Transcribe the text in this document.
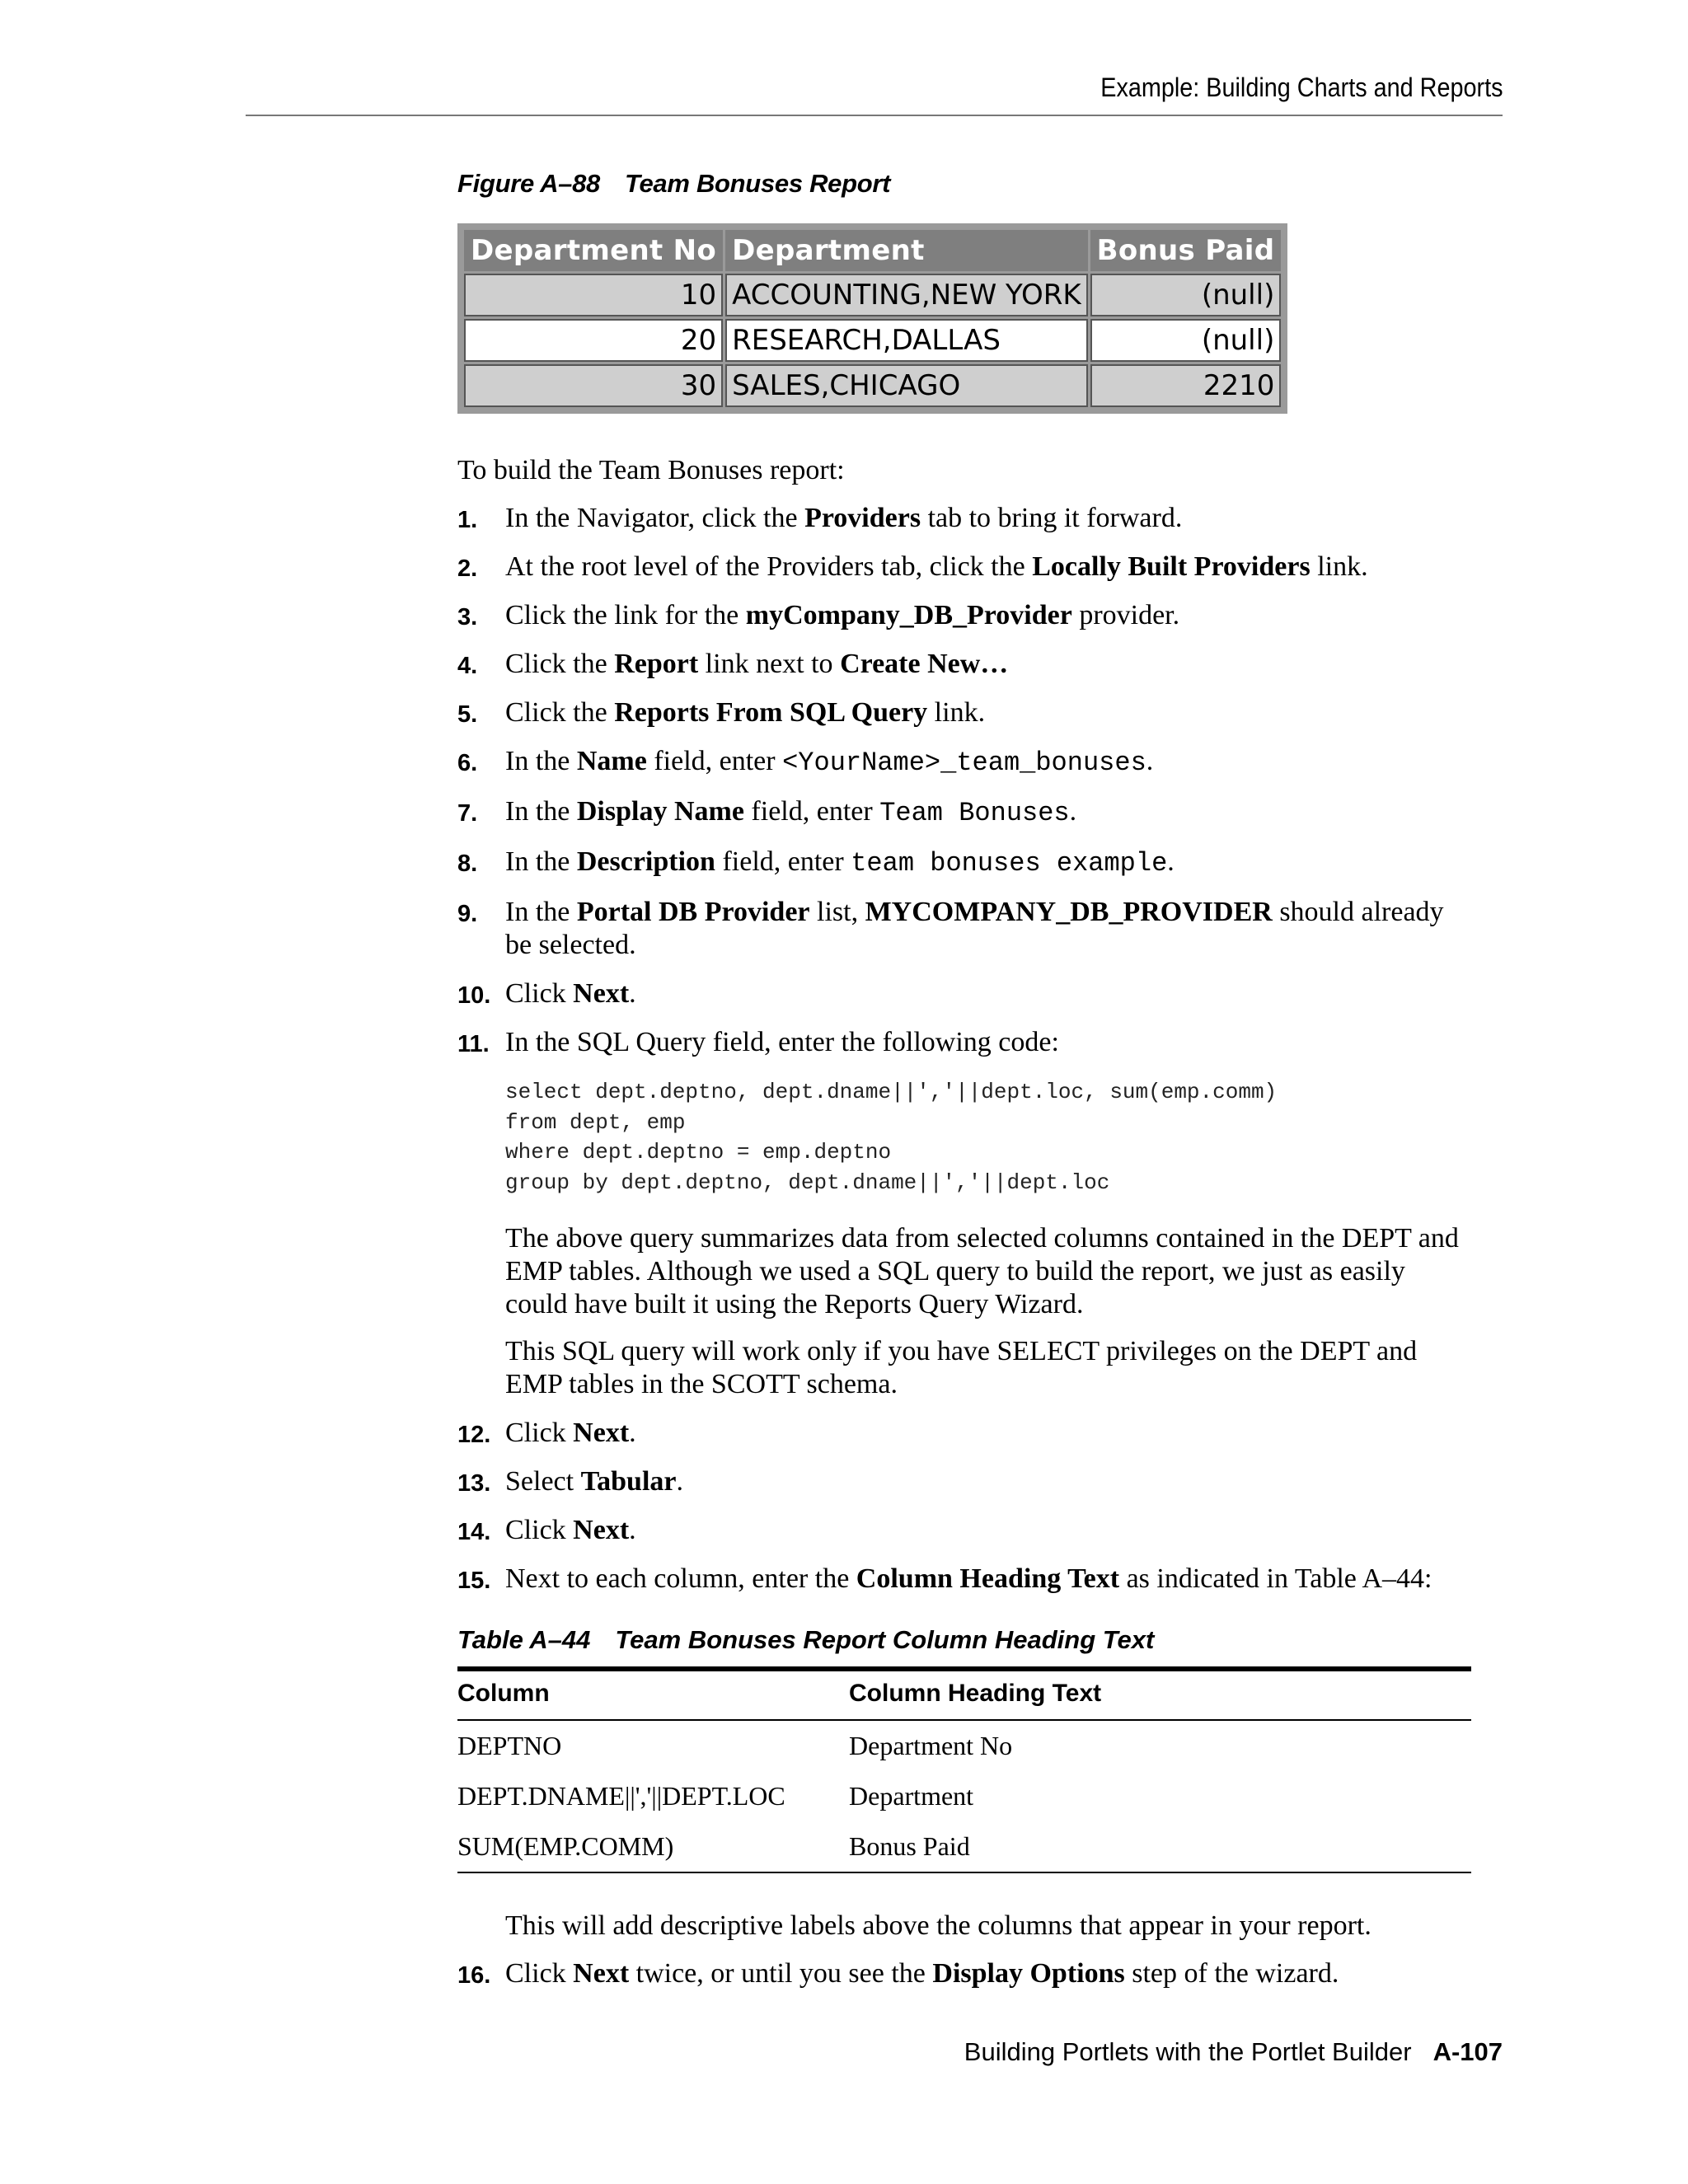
Example: Building Charts and Reports
Figure A–88 Team Bonuses Report
Department No	Department	Bonus Paid
10	ACCOUNTING,NEW YORK	(null)
20	RESEARCH,DALLAS	(null)
30	SALES,CHICAGO	2210
To build the Team Bonuses report:
1. In the Navigator, click the Providers tab to bring it forward.
2. At the root level of the Providers tab, click the Locally Built Providers link.
3. Click the link for the myCompany_DB_Provider provider.
4. Click the Report link next to Create New…
5. Click the Reports From SQL Query link.
6. In the Name field, enter <YourName>_team_bonuses.
7. In the Display Name field, enter Team Bonuses.
8. In the Description field, enter team bonuses example.
9. In the Portal DB Provider list, MYCOMPANY_DB_PROVIDER should already be selected.
10. Click Next.
11. In the SQL Query field, enter the following code:
select dept.deptno, dept.dname||','||dept.loc, sum(emp.comm)
from dept, emp
where dept.deptno = emp.deptno
group by dept.deptno, dept.dname||','||dept.loc
The above query summarizes data from selected columns contained in the DEPT and EMP tables. Although we used a SQL query to build the report, we just as easily could have built it using the Reports Query Wizard.
This SQL query will work only if you have SELECT privileges on the DEPT and EMP tables in the SCOTT schema.
12. Click Next.
13. Select Tabular.
14. Click Next.
15. Next to each column, enter the Column Heading Text as indicated in Table A–44:
Table A–44 Team Bonuses Report Column Heading Text
Column	Column Heading Text
DEPTNO	Department No
DEPT.DNAME||','||DEPT.LOC	Department
SUM(EMP.COMM)	Bonus Paid
This will add descriptive labels above the columns that appear in your report.
16. Click Next twice, or until you see the Display Options step of the wizard.
Building Portlets with the Portlet Builder A-107
